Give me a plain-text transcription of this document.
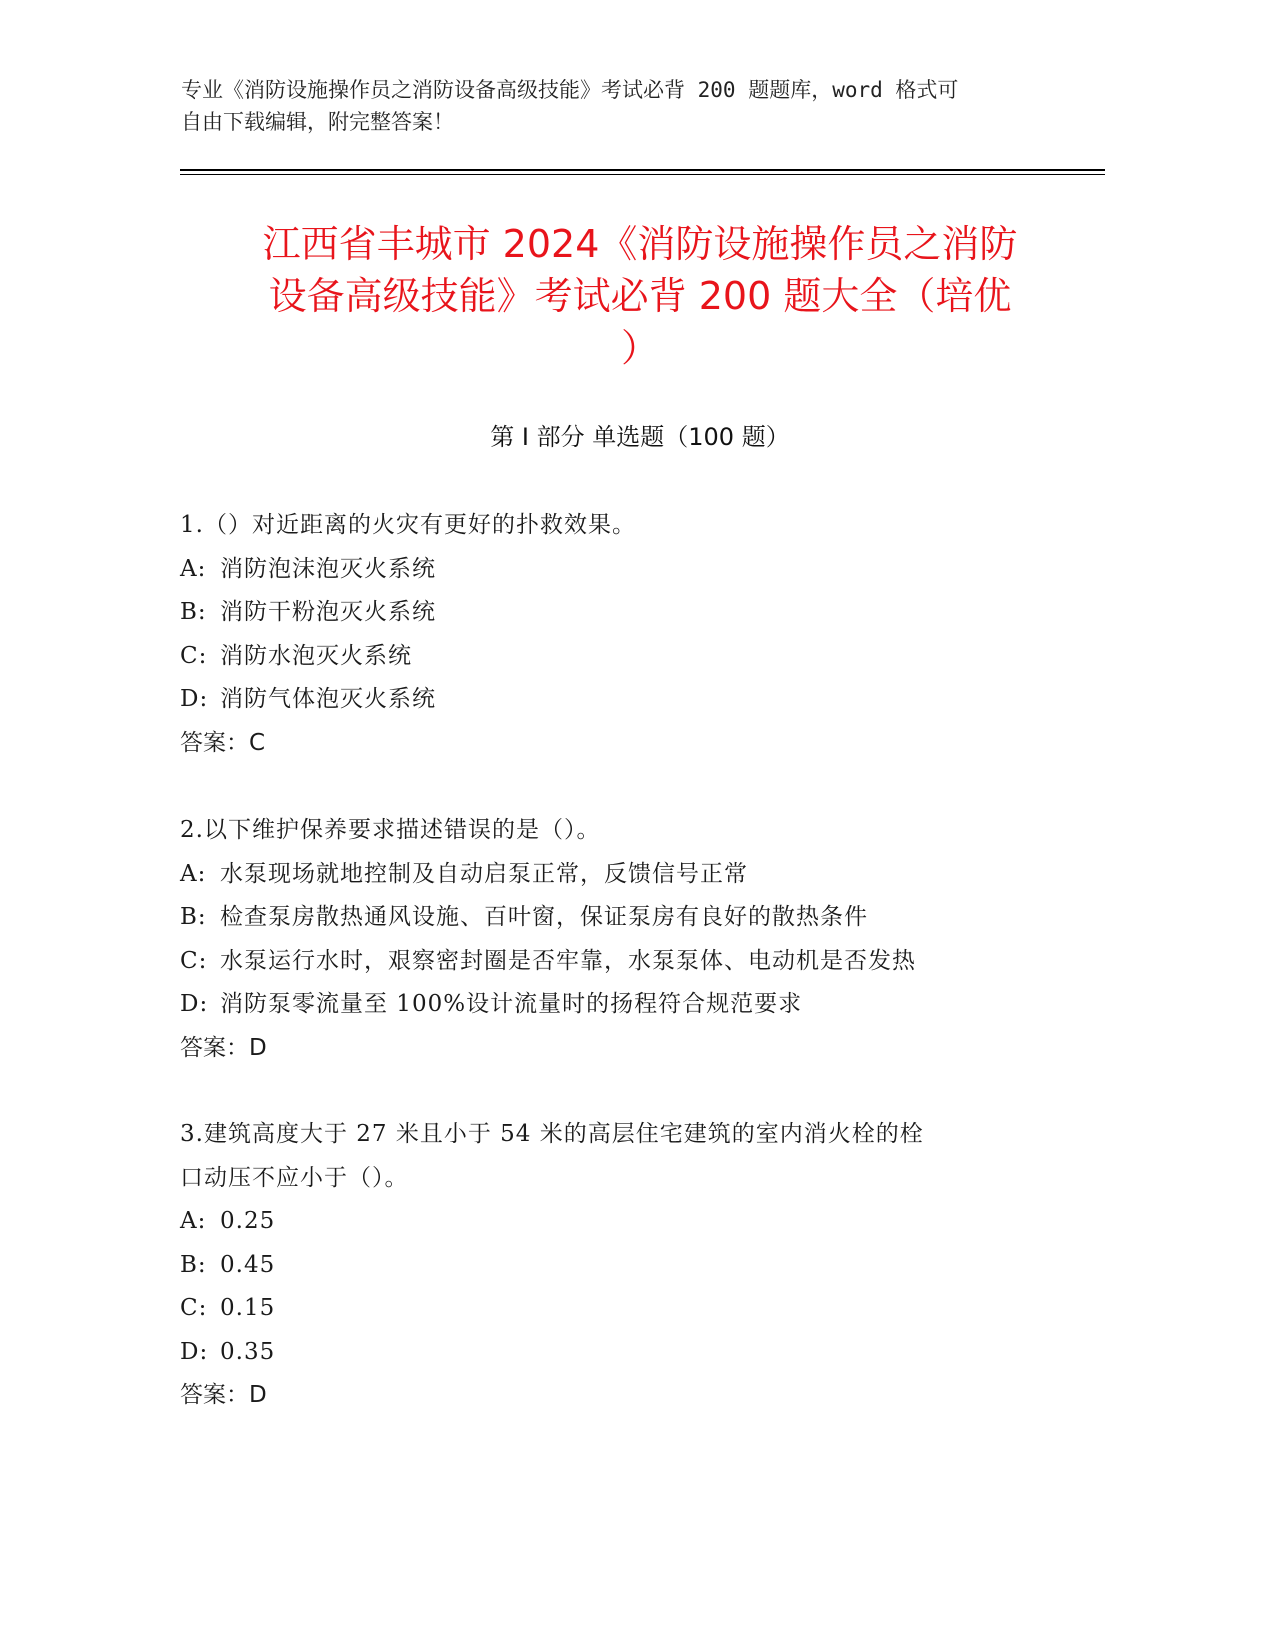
专业《消防设施操作员之消防设备高级技能》考试必背 200 题题库，word 格式可
自由下载编辑，附完整答案！
江西省丰城市 2024《消防设施操作员之消防
设备高级技能》考试必背 200 题大全（培优
）
第 I 部分 单选题（100 题）
1.（）对近距离的火灾有更好的扑救效果。
A: 消防泡沫泡灭火系统
B: 消防干粉泡灭火系统
C: 消防水泡灭火系统
D: 消防气体泡灭火系统
答案：C
2.以下维护保养要求描述错误的是（）。
A: 水泵现场就地控制及自动启泵正常，反馈信号正常
B: 检查泵房散热通风设施、百叶窗，保证泵房有良好的散热条件
C: 水泵运行水时，艰察密封圈是否牢靠，水泵泵体、电动机是否发热
D: 消防泵零流量至 100%设计流量时的扬程符合规范要求
答案：D
3.建筑高度大于 27 米且小于 54 米的高层住宅建筑的室内消火栓的栓
口动压不应小于（）。
A: 0.25
B: 0.45
C: 0.15
D: 0.35
答案：D
